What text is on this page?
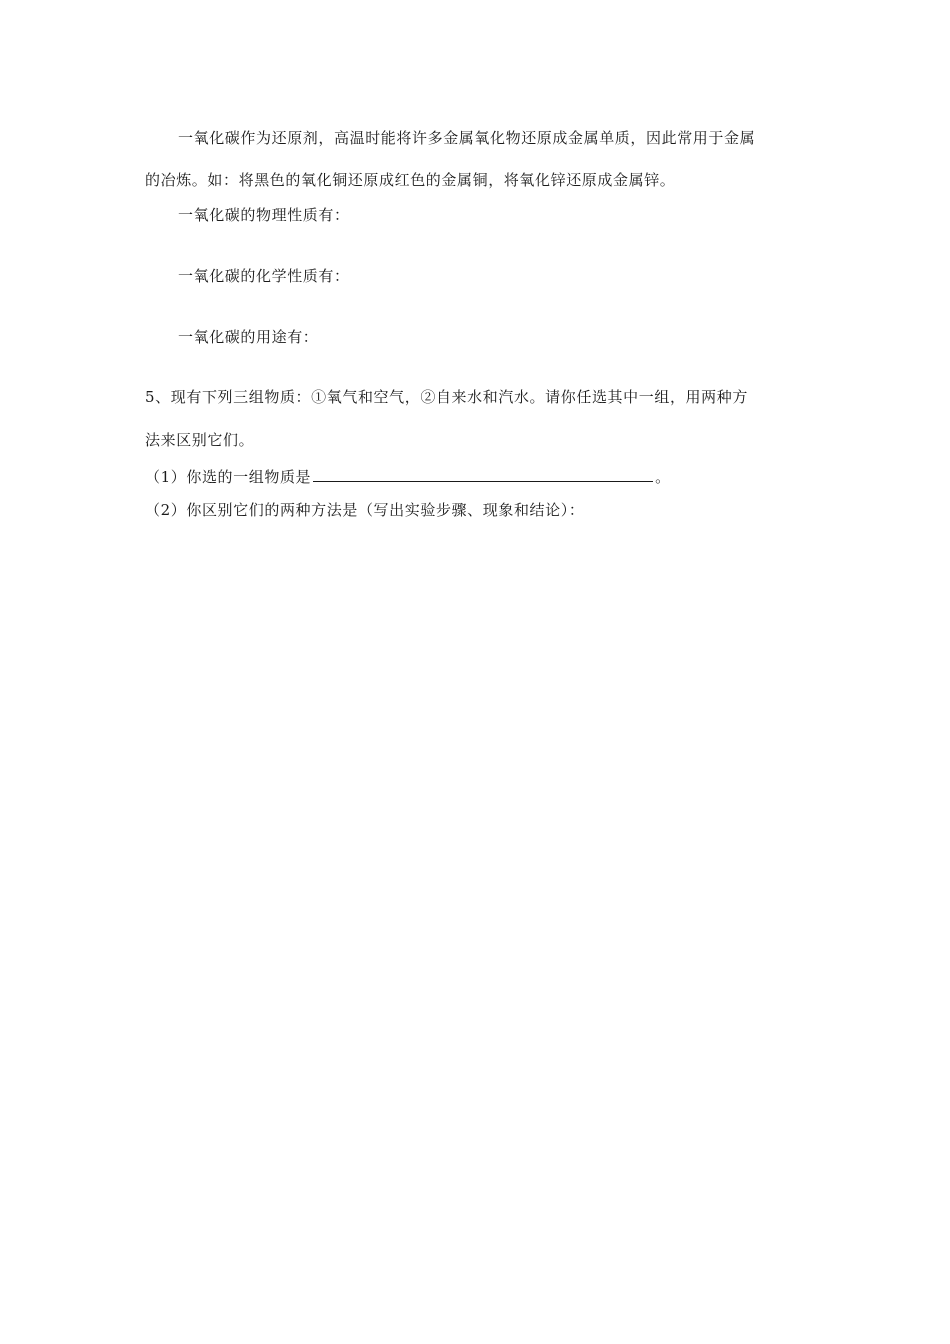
一氧化碳作为还原剂，高温时能将许多金属氧化物还原成金属单质，因此常用于金属
的冶炼。如：将黑色的氧化铜还原成红色的金属铜，将氧化锌还原成金属锌。
一氧化碳的物理性质有：
一氧化碳的化学性质有：
一氧化碳的用途有：
5、现有下列三组物质：①氧气和空气，②自来水和汽水。请你任选其中一组，用两种方
法来区别它们。
（1）你选的一组物质是	。
（2）你区别它们的两种方法是（写出实验步骤、现象和结论）：
